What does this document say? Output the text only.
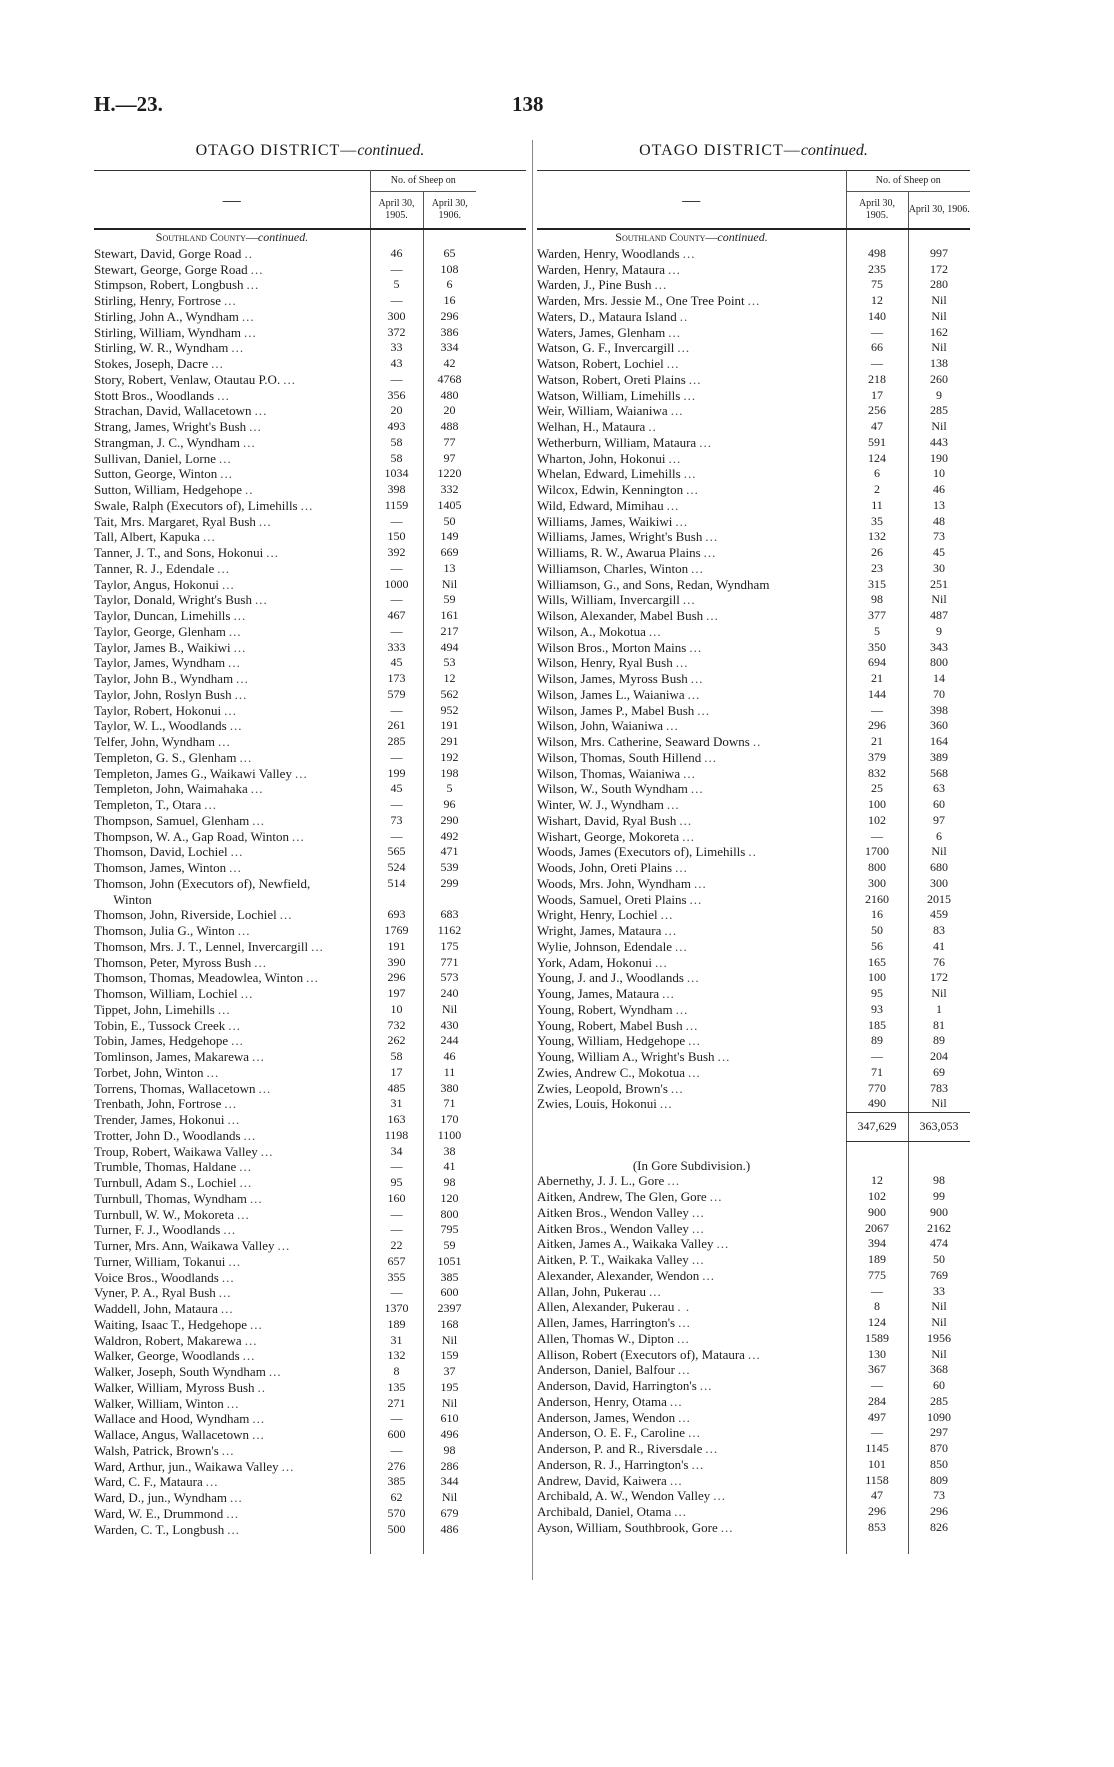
H.—23.	138
OTAGO DISTRICT—continued.
—	No. of Sheep on		
	April 30, 1905.	April 30, 1906.	
Southland County—continued.			
Stewart, David, Gorge Road ..	46	65	
Stewart, George, Gorge Road ...	—	108	
Stimpson, Robert, Longbush ...	5	6	
Stirling, Henry, Fortrose ...	—	16	
Stirling, John A., Wyndham ...	300	296	
Stirling, William, Wyndham ...	372	386	
Stirling, W. R., Wyndham ...	33	334	
Stokes, Joseph, Dacre ...	43	42	
Story, Robert, Venlaw, Otautau P.O. ...	—	4768	
Stott Bros., Woodlands ...	356	480	
Strachan, David, Wallacetown ...	20	20	
Strang, James, Wright's Bush ...	493	488	
Strangman, J. C., Wyndham ...	58	77	
Sullivan, Daniel, Lorne ...	58	97	
Sutton, George, Winton ...	1034	1220	
Sutton, William, Hedgehope ..	398	332	
Swale, Ralph (Executors of), Limehills ...	1159	1405	
Tait, Mrs. Margaret, Ryal Bush ...	—	50	
Tall, Albert, Kapuka ...	150	149	
Tanner, J. T., and Sons, Hokonui ...	392	669	
Tanner, R. J., Edendale ...	—	13	
Taylor, Angus, Hokonui ...	1000	Nil	
Taylor, Donald, Wright's Bush ...	—	59	
Taylor, Duncan, Limehills ...	467	161	
Taylor, George, Glenham ...	—	217	
Taylor, James B., Waikiwi ...	333	494	
Taylor, James, Wyndham ...	45	53	
Taylor, John B., Wyndham ...	173	12	
Taylor, John, Roslyn Bush ...	579	562	
Taylor, Robert, Hokonui ...	—	952	
Taylor, W. L., Woodlands ...	261	191	
Telfer, John, Wyndham ...	285	291	
Templeton, G. S., Glenham ...	—	192	
Templeton, James G., Waikawi Valley ...	199	198	
Templeton, John, Waimahaka ...	45	5	
Templeton, T., Otara ...	—	96	
Thompson, Samuel, Glenham ...	73	290	
Thompson, W. A., Gap Road, Winton ...	—	492	
Thomson, David, Lochiel ...	565	471	
Thomson, James, Winton ...	524	539	
Thomson, John (Executors of), Newfield,	514	299	
Winton			
Thomson, John, Riverside, Lochiel ...	693	683	
Thomson, Julia G., Winton ...	1769	1162	
Thomson, Mrs. J. T., Lennel, Invercargill ...	191	175	
Thomson, Peter, Myross Bush ...	390	771	
Thomson, Thomas, Meadowlea, Winton ...	296	573	
Thomson, William, Lochiel ...	197	240	
Tippet, John, Limehills ...	10	Nil	
Tobin, E., Tussock Creek ...	732	430	
Tobin, James, Hedgehope ...	262	244	
Tomlinson, James, Makarewa ...	58	46	
Torbet, John, Winton ...	17	11	
Torrens, Thomas, Wallacetown ...	485	380	
Trenbath, John, Fortrose ...	31	71	
Trender, James, Hokonui ...	163	170	
Trotter, John D., Woodlands ...	1198	1100	
Troup, Robert, Waikawa Valley ...	34	38	
Trumble, Thomas, Haldane ...	—	41	
Turnbull, Adam S., Lochiel ...	95	98	
Turnbull, Thomas, Wyndham ...	160	120	
Turnbull, W. W., Mokoreta ...	—	800	
Turner, F. J., Woodlands ...	—	795	
Turner, Mrs. Ann, Waikawa Valley ...	22	59	
Turner, William, Tokanui ...	657	1051	
Voice Bros., Woodlands ...	355	385	
Vyner, P. A., Ryal Bush ...	—	600	
Waddell, John, Mataura ...	1370	2397	
Waiting, Isaac T., Hedgehope ...	189	168	
Waldron, Robert, Makarewa ...	31	Nil	
Walker, George, Woodlands ...	132	159	
Walker, Joseph, South Wyndham ...	8	37	
Walker, William, Myross Bush ..	135	195	
Walker, William, Winton ...	271	Nil	
Wallace and Hood, Wyndham ...	—	610	
Wallace, Angus, Wallacetown ...	600	496	
Walsh, Patrick, Brown's ...	—	98	
Ward, Arthur, jun., Waikawa Valley ...	276	286	
Ward, C. F., Mataura ...	385	344	
Ward, D., jun., Wyndham ...	62	Nil	
Ward, W. E., Drummond ...	570	679	
Warden, C. T., Longbush ...	500	486	
OTAGO DISTRICT—continued.
—	No. of Sheep on	
	April 30, 1905.	April 30, 1906.
Southland County—continued.		
Warden, Henry, Woodlands ...	498	997
Warden, Henry, Mataura ...	235	172
Warden, J., Pine Bush ...	75	280
Warden, Mrs. Jessie M., One Tree Point ...	12	Nil
Waters, D., Mataura Island ..	140	Nil
Waters, James, Glenham ...	—	162
Watson, G. F., Invercargill ...	66	Nil
Watson, Robert, Lochiel ...	—	138
Watson, Robert, Oreti Plains ...	218	260
Watson, William, Limehills ...	17	9
Weir, William, Waianiwa ...	256	285
Welhan, H., Mataura ..	47	Nil
Wetherburn, William, Mataura ...	591	443
Wharton, John, Hokonui ...	124	190
Whelan, Edward, Limehills ...	6	10
Wilcox, Edwin, Kennington ...	2	46
Wild, Edward, Mimihau ...	11	13
Williams, James, Waikiwi ...	35	48
Williams, James, Wright's Bush ...	132	73
Williams, R. W., Awarua Plains ...	26	45
Williamson, Charles, Winton ...	23	30
Williamson, G., and Sons, Redan, Wyndham	315	251
Wills, William, Invercargill ...	98	Nil
Wilson, Alexander, Mabel Bush ...	377	487
Wilson, A., Mokotua ...	5	9
Wilson Bros., Morton Mains ...	350	343
Wilson, Henry, Ryal Bush ...	694	800
Wilson, James, Myross Bush ...	21	14
Wilson, James L., Waianiwa ...	144	70
Wilson, James P., Mabel Bush ...	—	398
Wilson, John, Waianiwa ...	296	360
Wilson, Mrs. Catherine, Seaward Downs ..	21	164
Wilson, Thomas, South Hillend ...	379	389
Wilson, Thomas, Waianiwa ...	832	568
Wilson, W., South Wyndham ...	25	63
Winter, W. J., Wyndham ...	100	60
Wishart, David, Ryal Bush ...	102	97
Wishart, George, Mokoreta ...	—	6
Woods, James (Executors of), Limehills ..	1700	Nil
Woods, John, Oreti Plains ...	800	680
Woods, Mrs. John, Wyndham ...	300	300
Woods, Samuel, Oreti Plains ...	2160	2015
Wright, Henry, Lochiel ...	16	459
Wright, James, Mataura ...	50	83
Wylie, Johnson, Edendale ...	56	41
York, Adam, Hokonui ...	165	76
Young, J. and J., Woodlands ...	100	172
Young, James, Mataura ...	95	Nil
Young, Robert, Wyndham ...	93	1
Young, Robert, Mabel Bush ...	185	81
Young, William, Hedgehope ...	89	89
Young, William A., Wright's Bush ...	—	204
Zwies, Andrew C., Mokotua ...	71	69
Zwies, Leopold, Brown's ...	770	783
Zwies, Louis, Hokonui ...	490	Nil
	347,629	363,053

(In Gore Subdivision.)		
Abernethy, J. J. L., Gore ...	12	98
Aitken, Andrew, The Glen, Gore ...	102	99
Aitken Bros., Wendon Valley ...	900	900
Aitken Bros., Wendon Valley ...	2067	2162
Aitken, James A., Waikaka Valley ...	394	474
Aitken, P. T., Waikaka Valley ...	189	50
Alexander, Alexander, Wendon ...	775	769
Allan, John, Pukerau ...	—	33
Allen, Alexander, Pukerau . .	8	Nil
Allen, James, Harrington's ...	124	Nil
Allen, Thomas W., Dipton ...	1589	1956
Allison, Robert (Executors of), Mataura ...	130	Nil
Anderson, Daniel, Balfour ...	367	368
Anderson, David, Harrington's ...	—	60
Anderson, Henry, Otama ...	284	285
Anderson, James, Wendon ...	497	1090
Anderson, O. E. F., Caroline ...	—	297
Anderson, P. and R., Riversdale ...	1145	870
Anderson, R. J., Harrington's ...	101	850
Andrew, David, Kaiwera ...	1158	809
Archibald, A. W., Wendon Valley ...	47	73
Archibald, Daniel, Otama ...	296	296
Ayson, William, Southbrook, Gore ...	853	826
